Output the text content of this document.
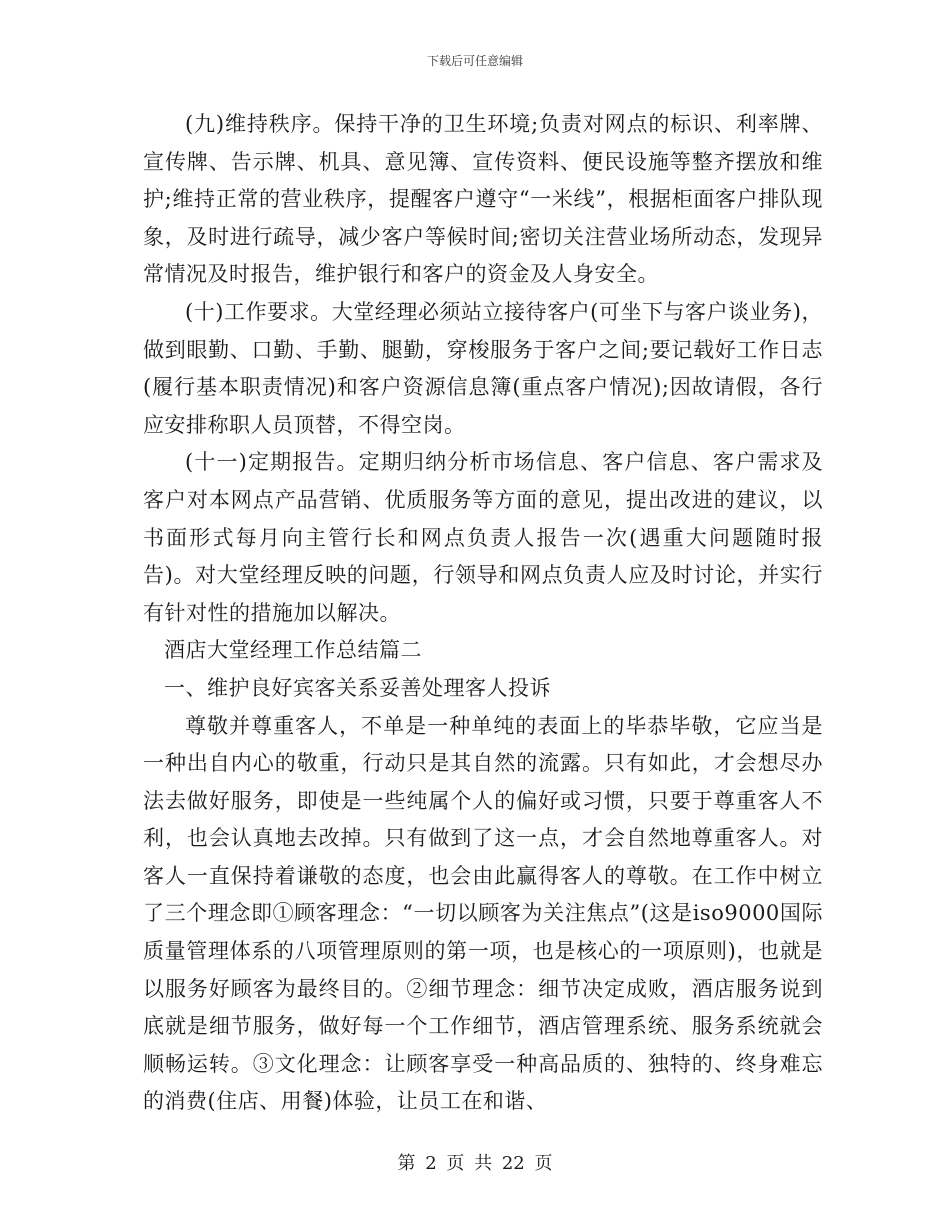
下载后可任意编辑

(九)维持秩序。保持干净的卫生环境;负责对网点的标识、利率牌、宣传牌、告示牌、机具、意见簿、宣传资料、便民设施等整齐摆放和维护;维持正常的营业秩序，提醒客户遵守“一米线”，根据柜面客户排队现象，及时进行疏导，减少客户等候时间;密切关注营业场所动态，发现异常情况及时报告，维护银行和客户的资金及人身安全。

(十)工作要求。大堂经理必须站立接待客户(可坐下与客户谈业务)，做到眼勤、口勤、手勤、腿勤，穿梭服务于客户之间;要记载好工作日志(履行基本职责情况)和客户资源信息簿(重点客户情况);因故请假，各行应安排称职人员顶替，不得空岗。

(十一)定期报告。定期归纳分析市场信息、客户信息、客户需求及客户对本网点产品营销、优质服务等方面的意见，提出改进的建议，以书面形式每月向主管行长和网点负责人报告一次(遇重大问题随时报告)。对大堂经理反映的问题，行领导和网点负责人应及时讨论，并实行有针对性的措施加以解决。

酒店大堂经理工作总结篇二

一、维护良好宾客关系妥善处理客人投诉

尊敬并尊重客人，不单是一种单纯的表面上的毕恭毕敬，它应当是一种出自内心的敬重，行动只是其自然的流露。只有如此，才会想尽办法去做好服务，即使是一些纯属个人的偏好或习惯，只要于尊重客人不利，也会认真地去改掉。只有做到了这一点，才会自然地尊重客人。对客人一直保持着谦敬的态度，也会由此赢得客人的尊敬。在工作中树立了三个理念即①顾客理念：“一切以顾客为关注焦点”(这是iso9000国际质量管理体系的八项管理原则的第一项，也是核心的一项原则)，也就是以服务好顾客为最终目的。②细节理念：细节决定成败，酒店服务说到底就是细节服务，做好每一个工作细节，酒店管理系统、服务系统就会顺畅运转。③文化理念：让顾客享受一种高品质的、独特的、终身难忘的消费(住店、用餐)体验，让员工在和谐、

第 2 页 共 22 页
